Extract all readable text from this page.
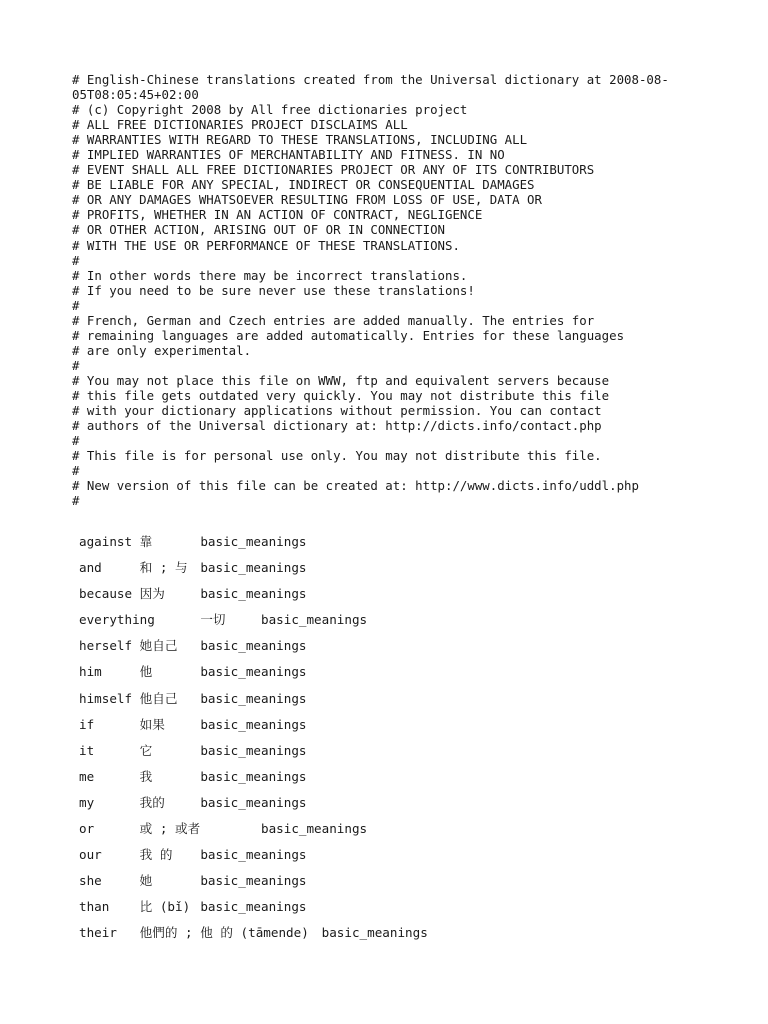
# English-Chinese translations created from the Universal dictionary at 2008-08-
05T08:05:45+02:00
# (c) Copyright 2008 by All free dictionaries project
# ALL FREE DICTIONARIES PROJECT DISCLAIMS ALL
# WARRANTIES WITH REGARD TO THESE TRANSLATIONS, INCLUDING ALL
# IMPLIED WARRANTIES OF MERCHANTABILITY AND FITNESS. IN NO
# EVENT SHALL ALL FREE DICTIONARIES PROJECT OR ANY OF ITS CONTRIBUTORS
# BE LIABLE FOR ANY SPECIAL, INDIRECT OR CONSEQUENTIAL DAMAGES
# OR ANY DAMAGES WHATSOEVER RESULTING FROM LOSS OF USE, DATA OR
# PROFITS, WHETHER IN AN ACTION OF CONTRACT, NEGLIGENCE
# OR OTHER ACTION, ARISING OUT OF OR IN CONNECTION
# WITH THE USE OR PERFORMANCE OF THESE TRANSLATIONS.
#
# In other words there may be incorrect translations.
# If you need to be sure never use these translations!
#
# French, German and Czech entries are added manually. The entries for
# remaining languages are added automatically. Entries for these languages
# are only experimental.
#
# You may not place this file on WWW, ftp and equivalent servers because
# this file gets outdated very quickly. You may not distribute this file
# with your dictionary applications without permission. You can contact
# authors of the Universal dictionary at: http://dicts.info/contact.php
#
# This file is for personal use only. You may not distribute this file.
#
# New version of this file can be created at: http://www.dicts.info/uddl.php
#

against	靠	basic_meanings
and	和 ; 与	basic_meanings
because	因为	basic_meanings
everything	一切	basic_meanings
herself	她自己	basic_meanings
him	他	basic_meanings
himself	他自己	basic_meanings
if	如果	basic_meanings
it	它	basic_meanings
me	我	basic_meanings
my	我的	basic_meanings
or	或 ; 或者	basic_meanings
our	我 的	basic_meanings
she	她	basic_meanings
than	比 (bǐ)	basic_meanings
their	他們的 ; 他 的 (tāmende)	basic_meanings
